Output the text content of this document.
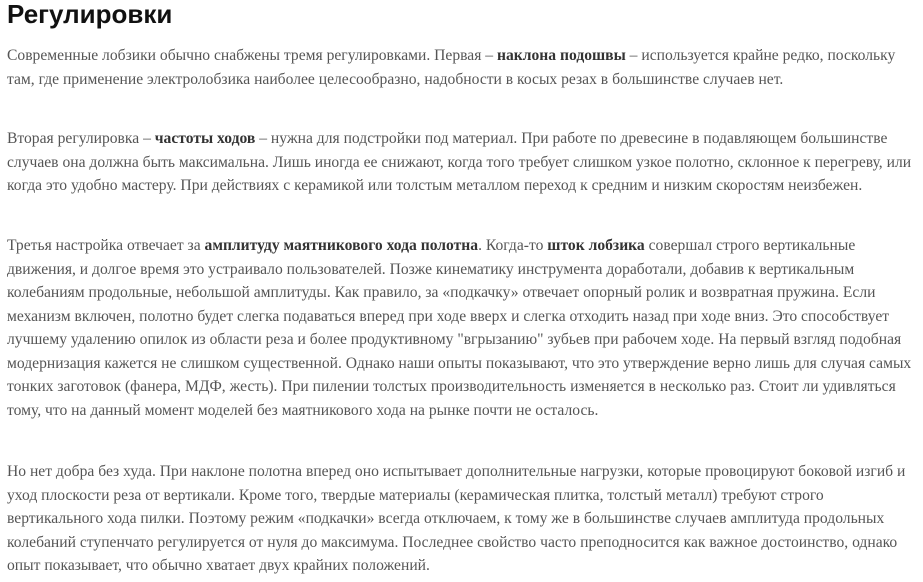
Регулировки

Современные лобзики обычно снабжены тремя регулировками. Первая – наклона подошвы – используется крайне редко, поскольку там, где применение электролобзика наиболее целесообразно, надобности в косых резах в большинстве случаев нет.

Вторая регулировка – частоты ходов – нужна для подстройки под материал. При работе по древесине в подавляющем большинстве случаев она должна быть максимальна. Лишь иногда ее снижают, когда того требует слишком узкое полотно, склонное к перегреву, или когда это удобно мастеру. При действиях с керамикой или толстым металлом переход к средним и низким скоростям неизбежен.

Третья настройка отвечает за амплитуду маятникового хода полотна. Когда-то шток лобзика совершал строго вертикальные движения, и долгое время это устраивало пользователей. Позже кинематику инструмента доработали, добавив к вертикальным колебаниям продольные, небольшой амплитуды. Как правило, за «подкачку» отвечает опорный ролик и возвратная пружина. Если механизм включен, полотно будет слегка подаваться вперед при ходе вверх и слегка отходить назад при ходе вниз. Это способствует лучшему удалению опилок из области реза и более продуктивному "вгрызанию" зубьев при рабочем ходе. На первый взгляд подобная модернизация кажется не слишком существенной. Однако наши опыты показывают, что это утверждение верно лишь для случая самых тонких заготовок (фанера, МДФ, жесть). При пилении толстых производительность изменяется в несколько раз. Стоит ли удивляться тому, что на данный момент моделей без маятникового хода на рынке почти не осталось.

Но нет добра без худа. При наклоне полотна вперед оно испытывает дополнительные нагрузки, которые провоцируют боковой изгиб и уход плоскости реза от вертикали. Кроме того, твердые материалы (керамическая плитка, толстый металл) требуют строго вертикального хода пилки. Поэтому режим «подкачки» всегда отключаем, к тому же в большинстве случаев амплитуда продольных колебаний ступенчато регулируется от нуля до максимума. Последнее свойство часто преподносится как важное достоинство, однако опыт показывает, что обычно хватает двух крайних положений.
